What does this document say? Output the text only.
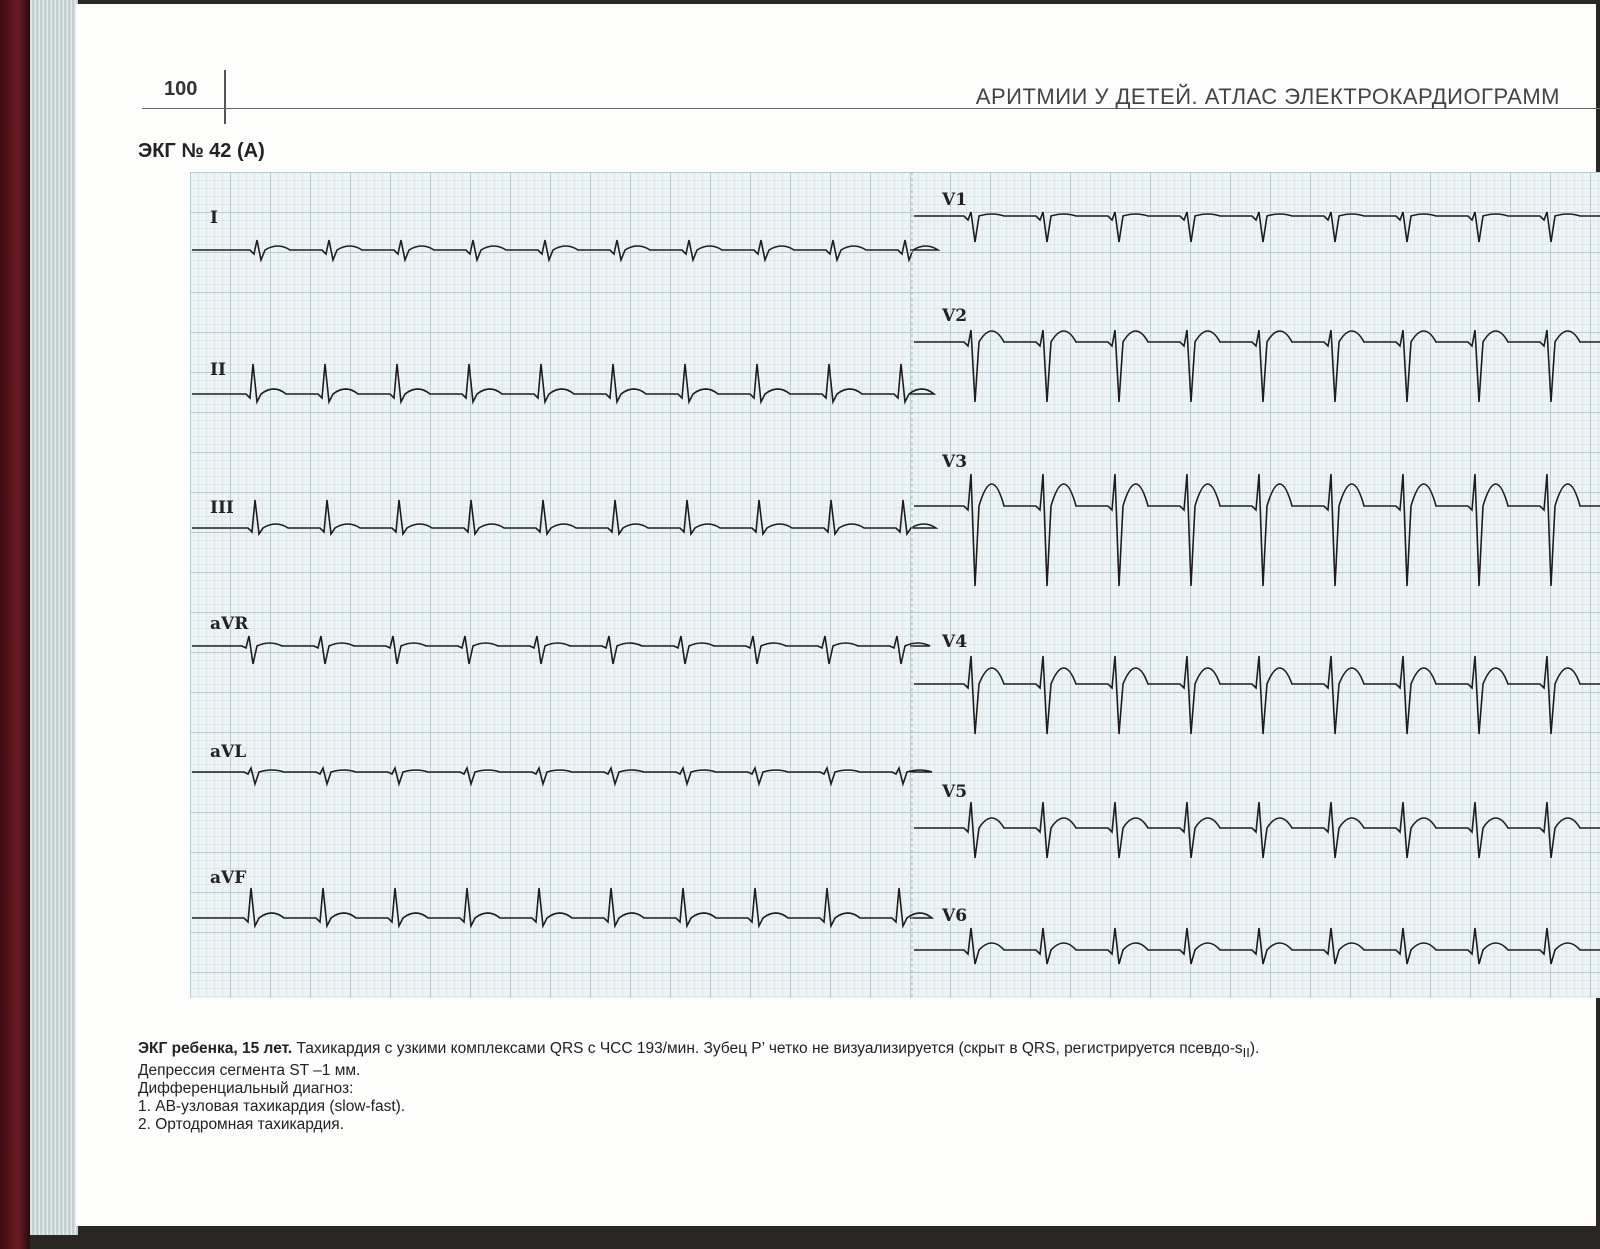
100	АРИТМИИ У ДЕТЕЙ. АТЛАС ЭЛЕКТРОКАРДИОГРАММ
ЭКГ № 42 (А)
I
II
III
aVR
aVL
aVF
V1
V2
V3
V4
V5
V6

ЭКГ ребенка, 15 лет. Тахикардия с узкими комплексами QRS с ЧСС 193/мин. Зубец P’ четко не визуализируется (скрыт в QRS, регистрируется псевдо-$s_{II}$).

Депрессия сегмента ST –1 мм.

Дифференциальный диагноз:

1. АВ-узловая тахикардия (slow-fast).

2. Ортодромная тахикардия.
